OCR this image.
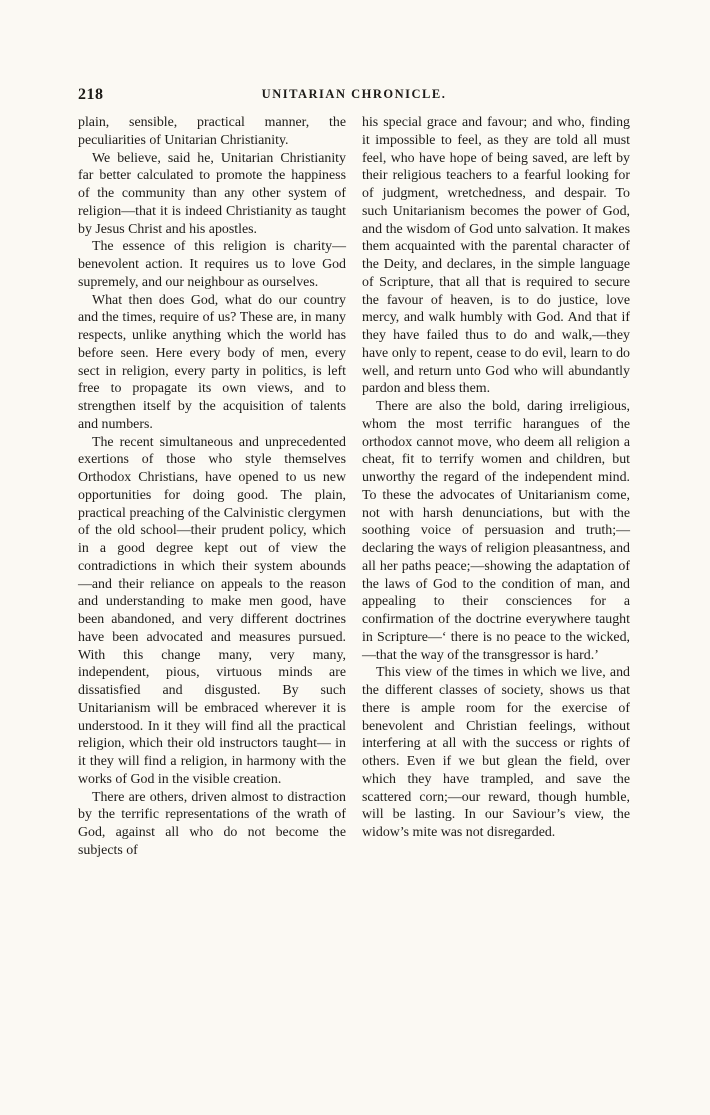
218	UNITARIAN CHRONICLE.

plain, sensible, practical manner, the peculiarities of Unitarian Christianity.

We believe, said he, Unitarian Christianity far better calculated to promote the happiness of the community than any other system of religion—that it is indeed Christianity as taught by Jesus Christ and his apostles.

The essence of this religion is charity—benevolent action. It requires us to love God supremely, and our neighbour as ourselves.

What then does God, what do our country and the times, require of us? These are, in many respects, unlike anything which the world has before seen. Here every body of men, every sect in religion, every party in politics, is left free to propagate its own views, and to strengthen itself by the acquisition of talents and numbers.

The recent simultaneous and unprecedented exertions of those who style themselves Orthodox Christians, have opened to us new opportunities for doing good. The plain, practical preaching of the Calvinistic clergymen of the old school—their prudent policy, which in a good degree kept out of view the contradictions in which their system abounds —and their reliance on appeals to the reason and understanding to make men good, have been abandoned, and very different doctrines have been advocated and measures pursued. With this change many, very many, independent, pious, virtuous minds are dissatisfied and disgusted. By such Unitarianism will be embraced wherever it is understood. In it they will find all the practical religion, which their old instructors taught— in it they will find a religion, in harmony with the works of God in the visible creation.

There are others, driven almost to distraction by the terrific representations of the wrath of God, against all who do not become the subjects of

his special grace and favour; and who, finding it impossible to feel, as they are told all must feel, who have hope of being saved, are left by their religious teachers to a fearful looking for of judgment, wretchedness, and despair. To such Unitarianism becomes the power of God, and the wisdom of God unto salvation. It makes them acquainted with the parental character of the Deity, and declares, in the simple language of Scripture, that all that is required to secure the favour of heaven, is to do justice, love mercy, and walk humbly with God. And that if they have failed thus to do and walk,—they have only to repent, cease to do evil, learn to do well, and return unto God who will abundantly pardon and bless them.

There are also the bold, daring irreligious, whom the most terrific harangues of the orthodox cannot move, who deem all religion a cheat, fit to terrify women and children, but unworthy the regard of the independent mind. To these the advocates of Unitarianism come, not with harsh denunciations, but with the soothing voice of persuasion and truth;—declaring the ways of religion pleasantness, and all her paths peace;—showing the adaptation of the laws of God to the condition of man, and appealing to their consciences for a confirmation of the doctrine everywhere taught in Scripture—‘ there is no peace to the wicked,—that the way of the transgressor is hard.’

This view of the times in which we live, and the different classes of society, shows us that there is ample room for the exercise of benevolent and Christian feelings, without interfering at all with the success or rights of others. Even if we but glean the field, over which they have trampled, and save the scattered corn;—our reward, though humble, will be lasting. In our Saviour’s view, the widow’s mite was not disregarded.
